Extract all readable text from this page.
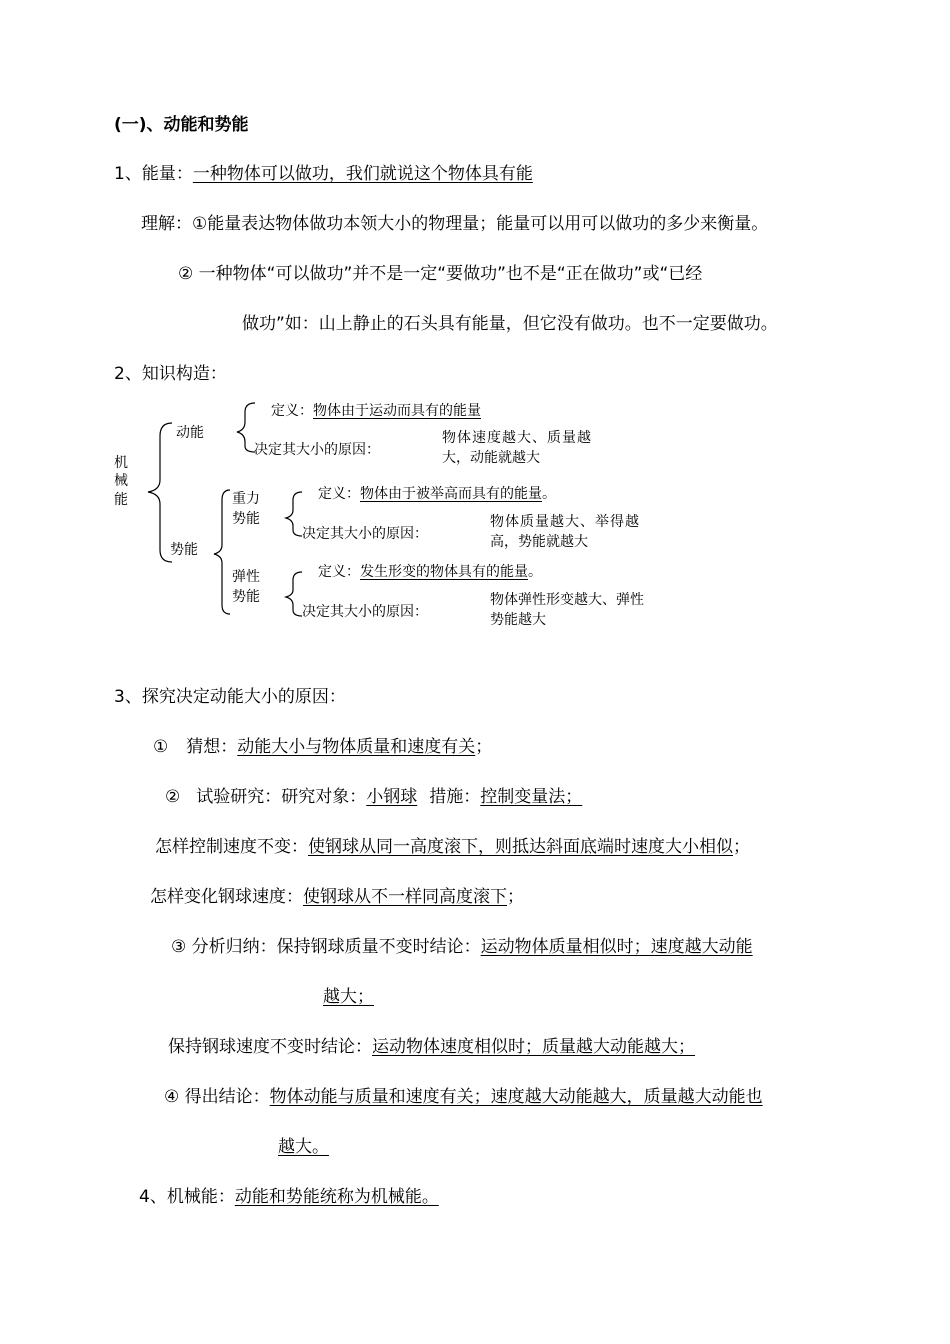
(一)、动能和势能
1、能量：一种物体可以做功，我们就说这个物体具有能
理解：①能量表达物体做功本领大小的物理量；能量可以用可以做功的多少来衡量。
② 一种物体“可以做功”并不是一定“要做功”也不是“正在做功”或“已经
做功”如：山上静止的石头具有能量，但它没有做功。也不一定要做功。
2、知识构造：
机
械
能
动能
定义：物体由于运动而具有的能量
决定其大小的原因：
物体速度越大、质量越
大，动能就越大
势能
重力
势能
定义：物体由于被举高而具有的能量。
决定其大小的原因：
物体质量越大、举得越
高，势能就越大
弹性
势能
定义：发生形变的物体具有的能量。
决定其大小的原因：
物体弹性形变越大、弹性
势能越大
3、探究决定动能大小的原因：
① 猜想：动能大小与物体质量和速度有关；
② 试验研究：研究对象：小钢球 措施：控制变量法；
怎样控制速度不变：使钢球从同一高度滚下，则抵达斜面底端时速度大小相似；
怎样变化钢球速度：使钢球从不一样同高度滚下；
③ 分析归纳：保持钢球质量不变时结论：运动物体质量相似时；速度越大动能
越大；
保持钢球速度不变时结论：运动物体速度相似时；质量越大动能越大；
④ 得出结论：物体动能与质量和速度有关；速度越大动能越大，质量越大动能也
越大。
4、机械能：动能和势能统称为机械能。
